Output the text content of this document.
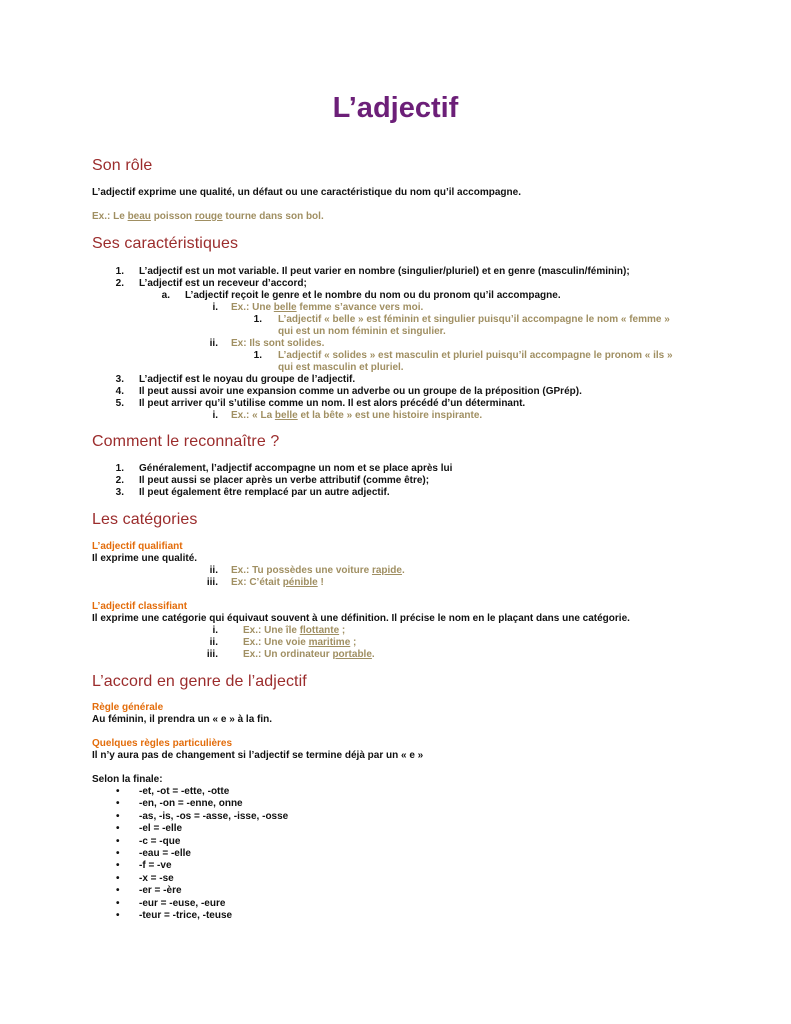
L’adjectif
Son rôle

L’adjectif exprime une qualité, un défaut ou une caractéristique du nom qu’il accompagne.

Ex.: Le beau poisson rouge tourne dans son bol.

Ses caractéristiques

1. L’adjectif est un mot variable. Il peut varier en nombre (singulier/pluriel) et en genre (masculin/féminin);

2. L’adjectif est un receveur d’accord;

a. L’adjectif reçoit le genre et le nombre du nom ou du pronom qu’il accompagne.

i. Ex.: Une belle femme s’avance vers moi.

1. L’adjectif « belle » est féminin et singulier puisqu’il accompagne le nom « femme »

qui est un nom féminin et singulier.

ii. Ex: Ils sont solides.

1. L’adjectif « solides » est masculin et pluriel puisqu’il accompagne le pronom « ils »

qui est masculin et pluriel.

3. L’adjectif est le noyau du groupe de l’adjectif.

4. Il peut aussi avoir une expansion comme un adverbe ou un groupe de la préposition (GPrép).

5. Il peut arriver qu’il s’utilise comme un nom. Il est alors précédé d’un déterminant.

i. Ex.: « La belle et la bête » est une histoire inspirante.

Comment le reconnaître ?

1. Généralement, l’adjectif accompagne un nom et se place après lui

2. Il peut aussi se placer après un verbe attributif (comme être);

3. Il peut également être remplacé par un autre adjectif.

Les catégories

L’adjectif qualifiant

Il exprime une qualité.

ii. Ex.: Tu possèdes une voiture rapide.

iii. Ex: C’était pénible !

L’adjectif classifiant

Il exprime une catégorie qui équivaut souvent à une définition. Il précise le nom en le plaçant dans une catégorie.

i.	Ex.: Une île flottante ;

ii.	Ex.: Une voie maritime ;

iii.	Ex.: Un ordinateur portable.

L’accord en genre de l’adjectif

Règle générale

Au féminin, il prendra un « e » à la fin.

Quelques règles particulières

Il n’y aura pas de changement si l’adjectif se termine déjà par un « e »

Selon la finale:

• -et, -ot = -ette, -otte

• -en, -on = -enne, onne

• -as, -is, -os = -asse, -isse, -osse

• -el = -elle

• -c = -que

• -eau = -elle

• -f = -ve

• -x = -se

• -er = -ère

• -eur = -euse, -eure

• -teur = -trice, -teuse
